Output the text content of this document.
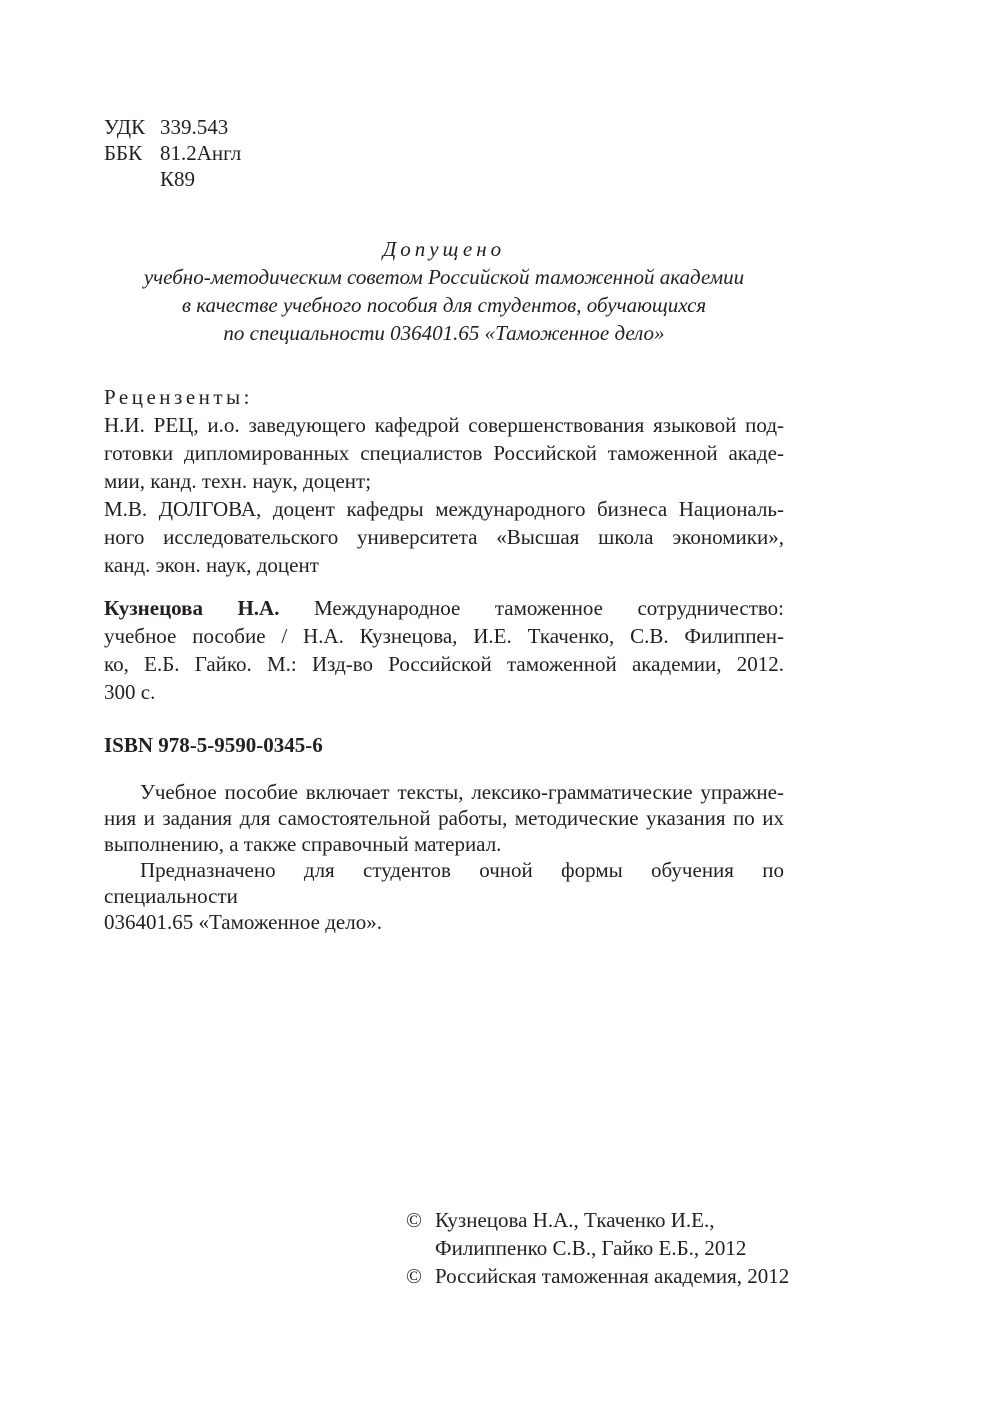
УДК 339.543
ББК 81.2Англ
К89
Допущено
учебно-методическим советом Российской таможенной академии
в качестве учебного пособия для студентов, обучающихся
по специальности 036401.65 «Таможенное дело»
Рецензенты:
Н.И. РЕЦ, и.о. заведующего кафедрой совершенствования языковой под-
готовки дипломированных специалистов Российской таможенной акаде-
мии, канд. техн. наук, доцент;
М.В. ДОЛГОВА, доцент кафедры международного бизнеса Националь-
ного исследовательского университета «Высшая школа экономики»,
канд. экон. наук, доцент
Кузнецова Н.А. Международное таможенное сотрудничество:
учебное пособие / Н.А. Кузнецова, И.Е. Ткаченко, С.В. Филиппен-
ко, Е.Б. Гайко. М.: Изд-во Российской таможенной академии, 2012.
300 с.
ISBN 978-5-9590-0345-6
Учебное пособие включает тексты, лексико-грамматические упражне-
ния и задания для самостоятельной работы, методические указания по их
выполнению, а также справочный материал.
Предназначено для студентов очной формы обучения по специальности
036401.65 «Таможенное дело».
© Кузнецова Н.А., Ткаченко И.Е.,
Филиппенко С.В., Гайко Е.Б., 2012
© Российская таможенная академия, 2012
